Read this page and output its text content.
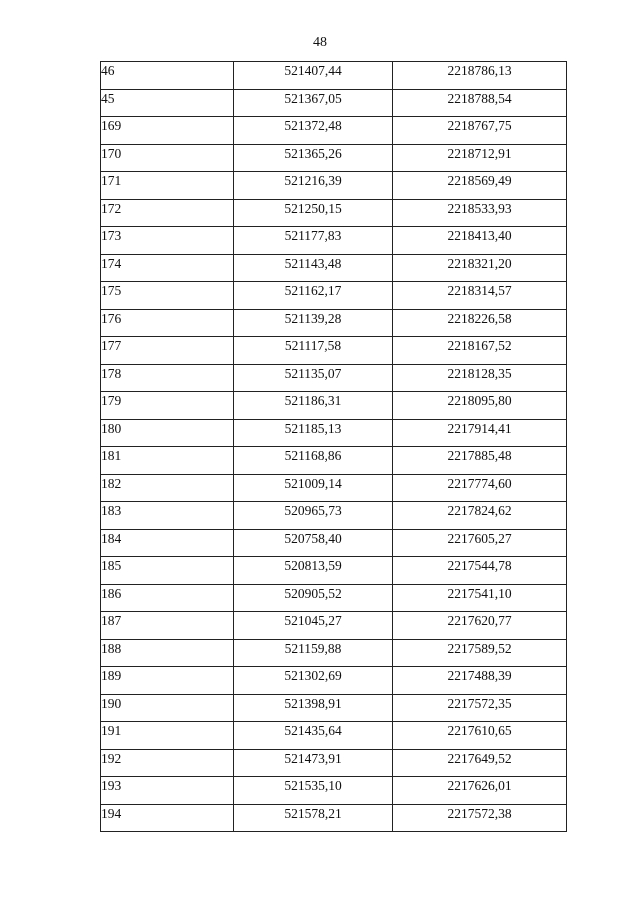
48
46	521407,44	2218786,13
45	521367,05	2218788,54
169	521372,48	2218767,75
170	521365,26	2218712,91
171	521216,39	2218569,49
172	521250,15	2218533,93
173	521177,83	2218413,40
174	521143,48	2218321,20
175	521162,17	2218314,57
176	521139,28	2218226,58
177	521117,58	2218167,52
178	521135,07	2218128,35
179	521186,31	2218095,80
180	521185,13	2217914,41
181	521168,86	2217885,48
182	521009,14	2217774,60
183	520965,73	2217824,62
184	520758,40	2217605,27
185	520813,59	2217544,78
186	520905,52	2217541,10
187	521045,27	2217620,77
188	521159,88	2217589,52
189	521302,69	2217488,39
190	521398,91	2217572,35
191	521435,64	2217610,65
192	521473,91	2217649,52
193	521535,10	2217626,01
194	521578,21	2217572,38
